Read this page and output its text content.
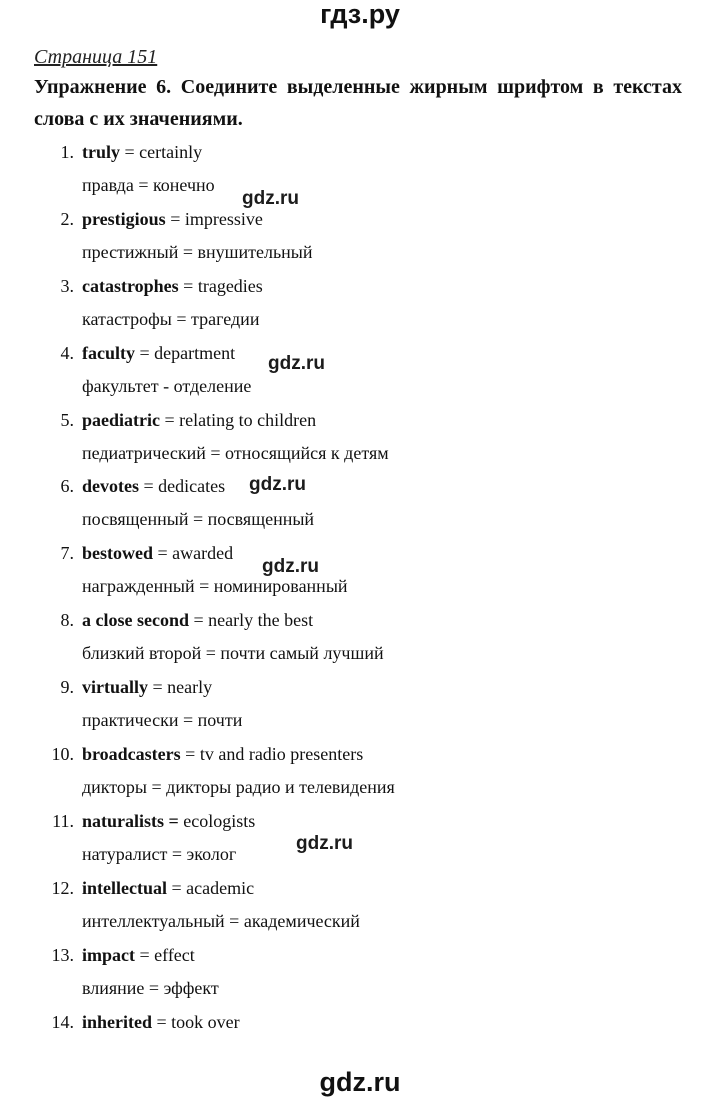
гдз.ру
Страница 151
Упражнение 6. Соедините выделенные жирным шрифтом в текстах слова с их значениями.
1. truly = certainly
правда = конечно
2. prestigious = impressive
престижный = внушительный
3. catastrophes = tragedies
катастрофы = трагедии
4. faculty = department
факультет - отделение
5. paediatric = relating to children
педиатрический = относящийся к детям
6. devotes = dedicates
посвященный = посвященный
7. bestowed = awarded
награжденный = номинированный
8. a close second = nearly the best
близкий второй = почти самый лучший
9. virtually = nearly
практически = почти
10. broadcasters = tv and radio presenters
дикторы = дикторы радио и телевидения
11. naturalists = ecologists
натуралист = эколог
12. intellectual = academic
интеллектуальный = академический
13. impact = effect
влияние = эффект
14. inherited = took over
gdz.ru
gdz.ru
gdz.ru
gdz.ru
gdz.ru
gdz.ru
